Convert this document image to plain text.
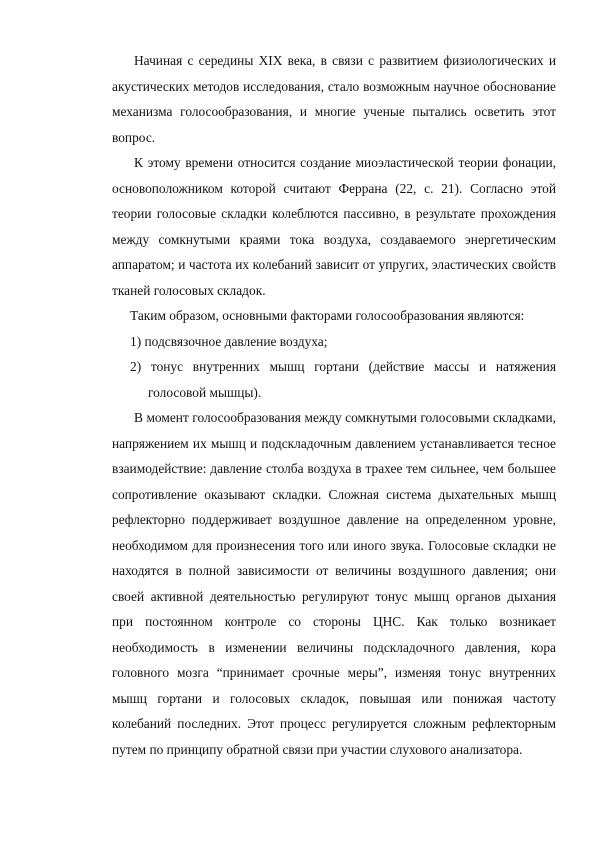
Начиная с середины XIX века, в связи с развитием физиологических и акустических методов исследования, стало возможным научное обоснование механизма голосообразования, и многие ученые пытались осветить этот вопрос.

К этому времени относится создание миоэластической теории фонации, основоположником которой считают Феррана (22, с. 21). Согласно этой теории голосовые складки колеблются пассивно, в результате прохождения между сомкнутыми краями тока воздуха, создаваемого энергетическим аппаратом; и частота их колебаний зависит от упругих, эластических свойств тканей голосовых складок.

Таким образом, основными факторами голосообразования являются:

1) подсвязочное давление воздуха;

2) тонус внутренних мышц гортани (действие массы и натяжения голосовой мышцы).

В момент голосообразования между сомкнутыми голосовыми складками, напряжением их мышц и подскладочным давлением устанавливается тесное взаимодействие: давление столба воздуха в трахее тем сильнее, чем большее сопротивление оказывают складки. Сложная система дыхательных мышц рефлекторно поддерживает воздушное давление на определенном уровне, необходимом для произнесения того или иного звука. Голосовые складки не находятся в полной зависимости от величины воздушного давления; они своей активной деятельностью регулируют тонус мышц органов дыхания при постоянном контроле со стороны ЦНС. Как только возникает необходимость в изменении величины подскладочного давления, кора головного мозга “принимает срочные меры”, изменяя тонус внутренних мышц гортани и голосовых складок, повышая или понижая частоту колебаний последних. Этот процесс регулируется сложным рефлекторным путем по принципу обратной связи при участии слухового анализатора.
